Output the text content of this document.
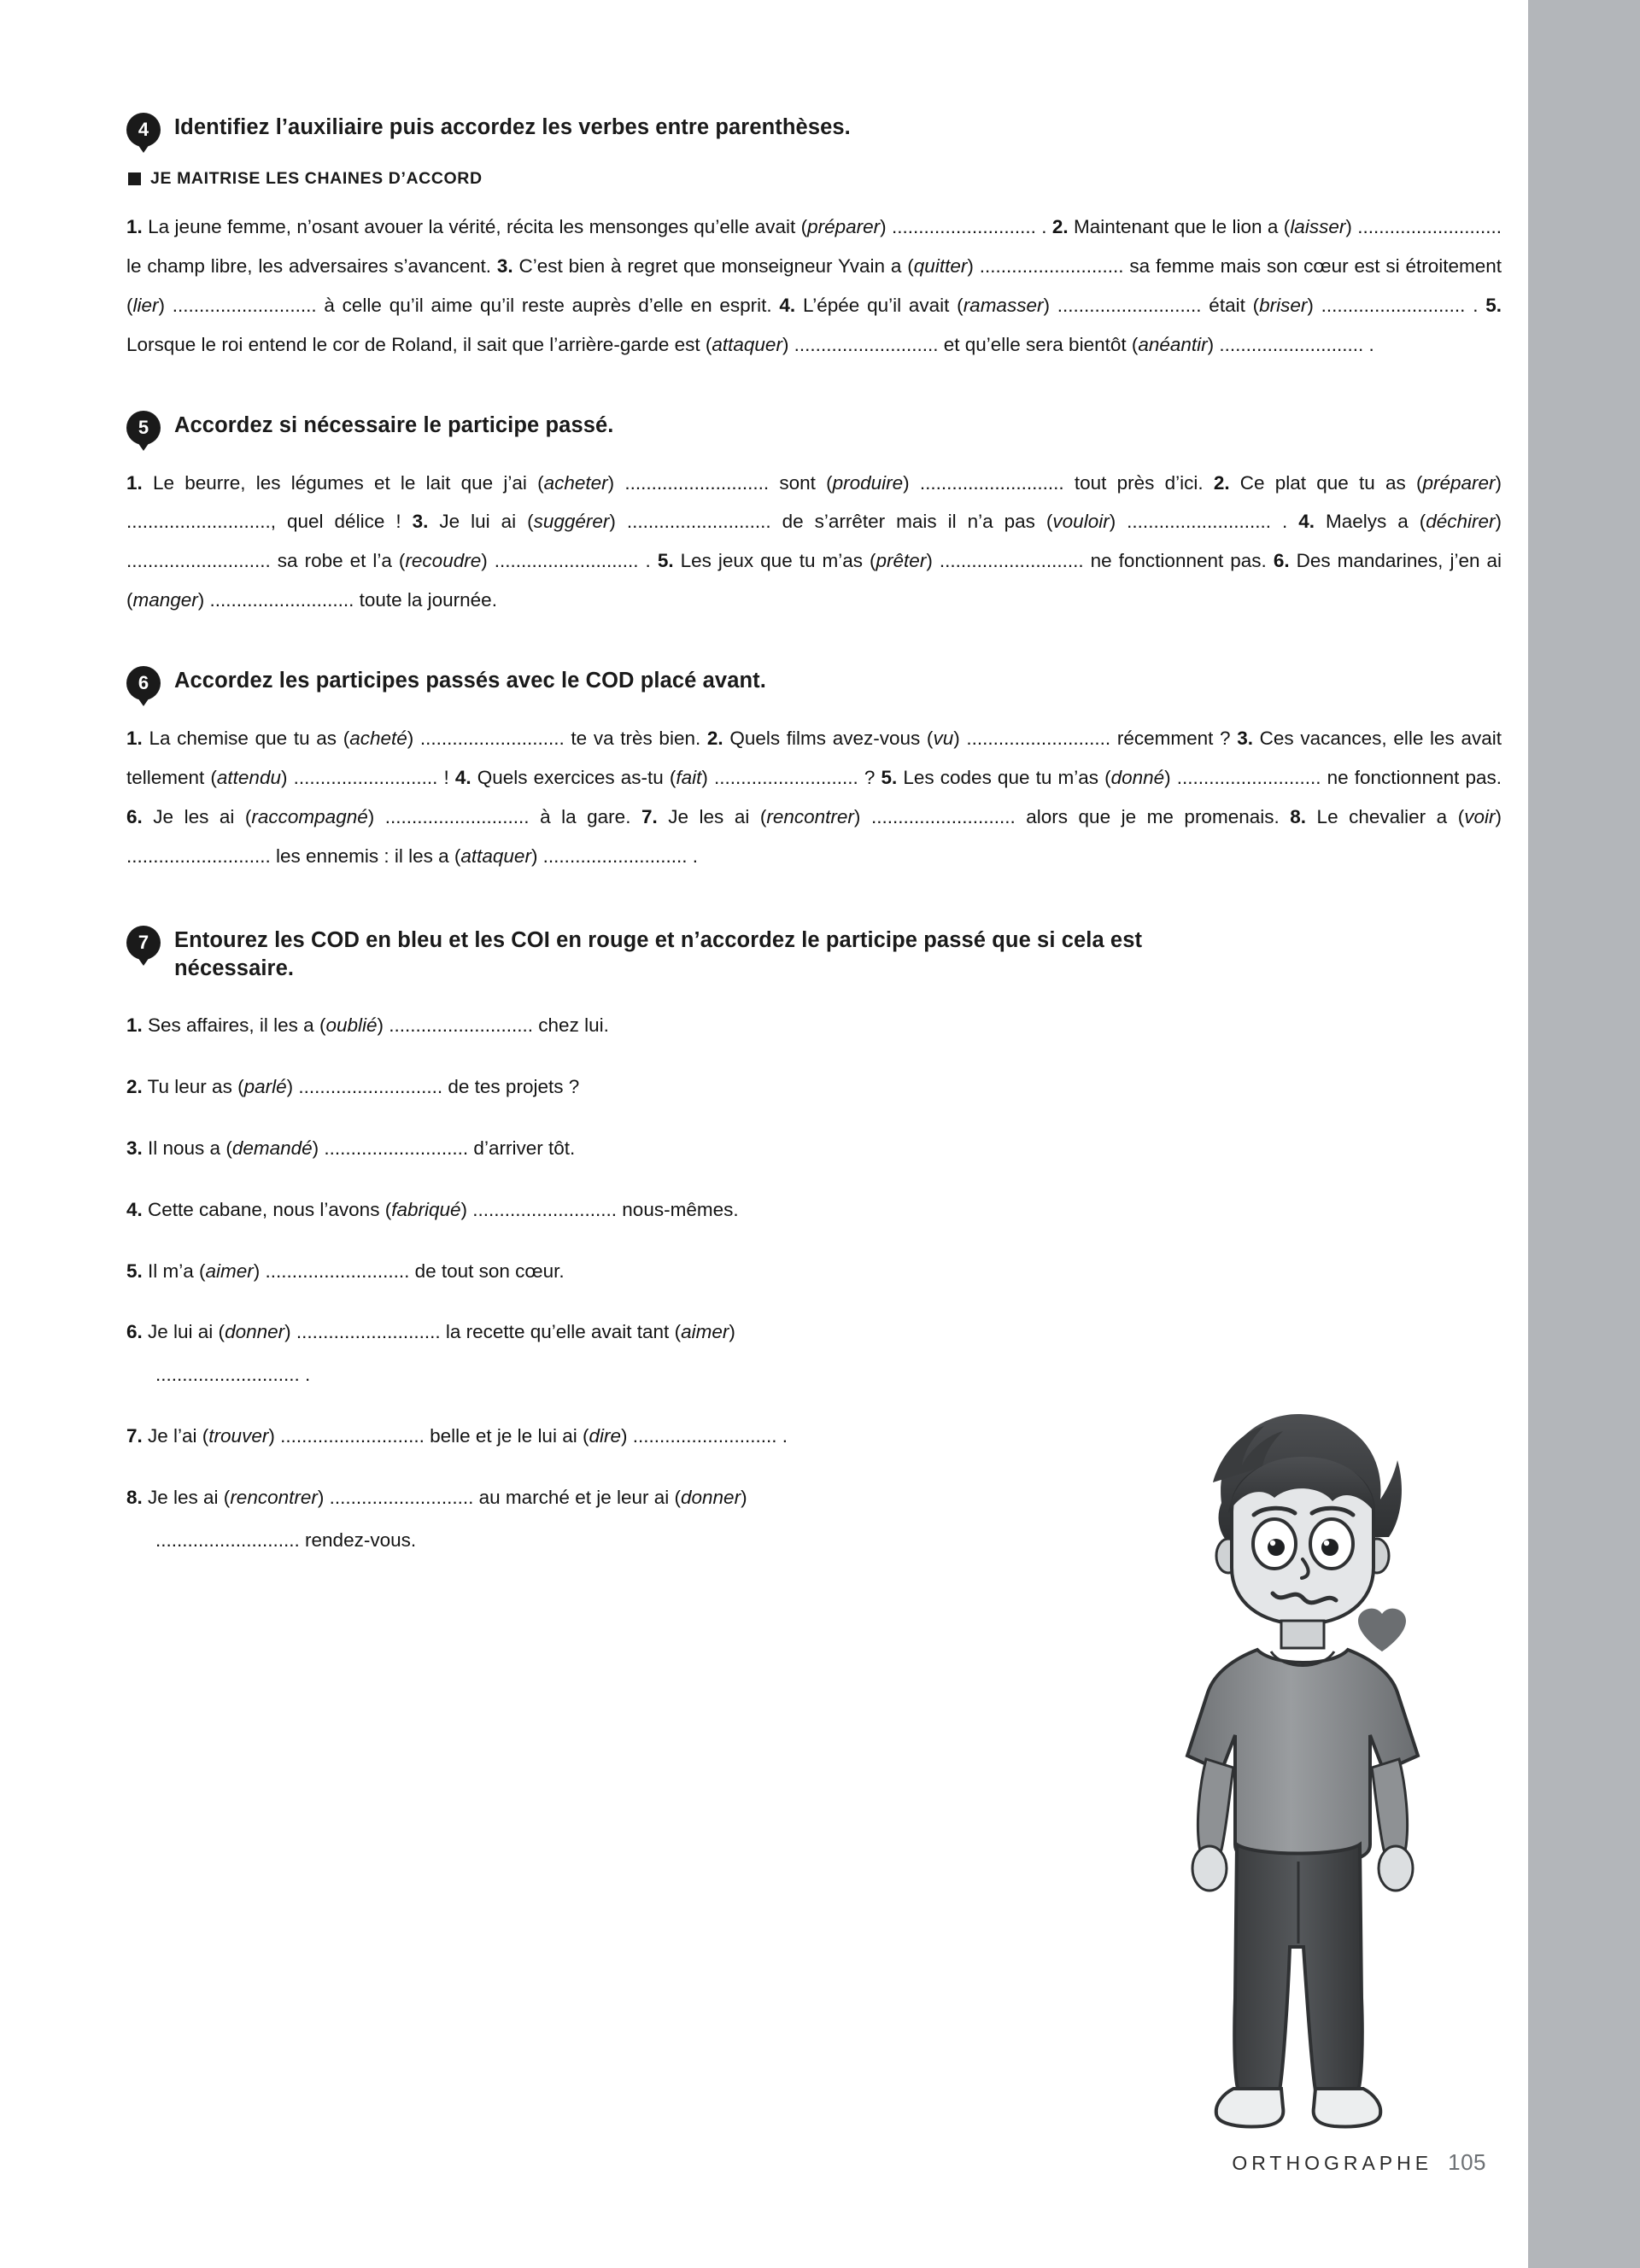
4	Identifiez l’auxiliaire puis accordez les verbes entre parenthèses.
JE MAITRISE LES CHAINES D’ACCORD
1. La jeune femme, n’osant avouer la vérité, récita les mensonges qu’elle avait (préparer) ........................... . 2. Maintenant que le lion a (laisser) ........................... le champ libre, les adversaires s’avancent. 3. C’est bien à regret que monseigneur Yvain a (quitter) ........................... sa femme mais son cœur est si étroitement (lier) ........................... à celle qu’il aime qu’il reste auprès d’elle en esprit. 4. L’épée qu’il avait (ramasser) ........................... était (briser) ........................... . 5. Lorsque le roi entend le cor de Roland, il sait que l’arrière-garde est (attaquer) ........................... et qu’elle sera bientôt (anéantir) ........................... .
5	Accordez si nécessaire le participe passé.
1. Le beurre, les légumes et le lait que j’ai (acheter) ........................... sont (produire) ........................... tout près d’ici. 2. Ce plat que tu as (préparer) ..........................., quel délice ! 3. Je lui ai (suggérer) ........................... de s’arrêter mais il n’a pas (vouloir) ........................... . 4. Maelys a (déchirer) ........................... sa robe et l’a (recoudre) ........................... . 5. Les jeux que tu m’as (prêter) ........................... ne fonctionnent pas. 6. Des mandarines, j’en ai (manger) ........................... toute la journée.
6	Accordez les participes passés avec le COD placé avant.
1. La chemise que tu as (acheté) ........................... te va très bien. 2. Quels films avez-vous (vu) ........................... récemment ? 3. Ces vacances, elle les avait tellement (attendu) ........................... ! 4. Quels exercices as-tu (fait) ........................... ? 5. Les codes que tu m’as (donné) ........................... ne fonctionnent pas. 6. Je les ai (raccompagné) ........................... à la gare. 7. Je les ai (rencontrer) ........................... alors que je me promenais. 8. Le chevalier a (voir) ........................... les ennemis : il les a (attaquer) ........................... .
7	Entourez les COD en bleu et les COI en rouge et n’accordez le participe passé que si cela est nécessaire.
1. Ses affaires, il les a (oublié) ........................... chez lui.
2. Tu leur as (parlé) ........................... de tes projets ?
3. Il nous a (demandé) ........................... d’arriver tôt.
4. Cette cabane, nous l’avons (fabriqué) ........................... nous-mêmes.
5. Il m’a (aimer) ........................... de tout son cœur.
6. Je lui ai (donner) ........................... la recette qu’elle avait tant (aimer)
........................... .
7. Je l’ai (trouver) ........................... belle et je le lui ai (dire) ........................... .
8. Je les ai (rencontrer) ........................... au marché et je leur ai (donner)
........................... rendez-vous.
ORTHOGRAPHE 105
